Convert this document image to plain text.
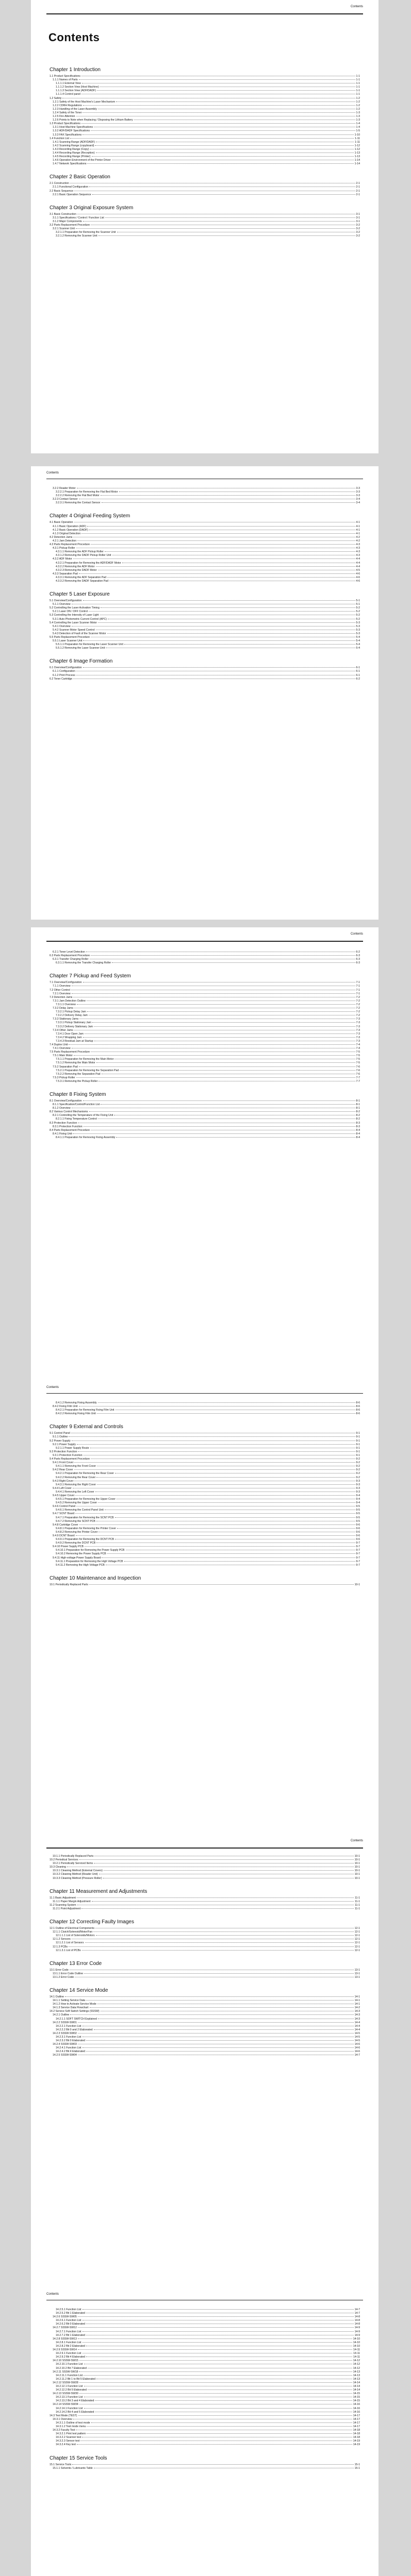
Contents
Contents
Chapter 1 Introduction
1.1 Product Specifications	1-1
1.1.1 Names of Parts	1-1
1.1.1.1 External View	1-1
1.1.1.2 Section View (Host Machine)	1-1
1.1.1.3 Section View (ADF/DADF)	1-1
1.1.1.4 Control panel	1-1
1.2 Safety	1-2
1.2.1 Safety of the Host Machine's Laser Mechanism	1-2
1.2.2 CDRH Regulations	1-2
1.2.3 Handling of the Laser Assembly	1-2
1.2.4 Safety of the Toner	1-3
1.2.5 Fire Attention	1-3
1.2.6 Points to Note when Replacing / Disposing the Lithium Battery	1-3
1.3 Product Specifications	1-4
1.3.1 Host Machine Specifications	1-4
1.3.2 ADF/DADF Specifications	1-5
1.3.3 FAX Specifications	1-10
1.4 Function List	1-11
1.4.1 Scanning Range (ADF/DADF)	1-11
1.4.2 Scanning Range (copyboard)	1-12
1.4.3 Recording Range (Copy)	1-12
1.4.4 Recording Range (Reception)	1-13
1.4.5 Recording Range (Printer)	1-13
1.4.6 Operation Environment of the Printer Driver	1-14
1.4.7 Network Specifications	1-14
Chapter 2 Basic Operation
2.1 Construction	2-1
2.1.1 Functional Configuration	2-1
2.2 Basic Sequence	2-1
2.2.1 Basic Operation Sequence	2-1
Chapter 3 Original Exposure System
3.1 Basic Construction	3-1
3.1.1 Specifications / Control / Function List	3-1
3.1.2 Major Components	3-1
3.2 Parts Replacement Procedure	3-2
3.2.1 Scanner Unit	3-2
3.2.1.1 Preparation for Removing the Scanner Unit	3-2
3.2.1.2 Removing the Scanner Unit	3-2
Contents
3.2.2 Reader Motor	3-3
3.2.2.1 Preparation for Removing the Flat Bed Motor	3-3
3.2.2.2 Removing the Flat Bed Motor	3-3
3.2.3 Contact Sensor	3-4
3.2.3.1 Removing the Contact Sensor	3-4
Chapter 4 Original Feeding System
4.1 Basic Operation	4-1
4.1.1 Basic Operation (ADF)	4-1
4.1.2 Basic Operation (DADF)	4-1
4.1.3 Original Detection	4-1
4.2 Detection Jams	4-2
4.2.1 Jam Detection	4-2
4.3 Parts Replacement Procedure	4-3
4.3.1 Pickup Roller	4-3
4.3.1.1 Removing the ADF Pickup Roller	4-3
4.3.1.2 Removing the DADF Pickup Roller Unit	4-3
4.3.2 ADF Motor	4-4
4.3.2.1 Preparation for Removing the ADF/DADF Motor	4-4
4.3.2.2 Removing the ADF Motor	4-4
4.3.2.3 Removing the DADF Motor	4-5
4.3.3 Separation Pad	4-6
4.3.3.1 Removing the ADF Separation Pad	4-6
4.3.3.2 Removing the DADF Separation Pad	4-6
Chapter 5 Laser Exposure
5.1 Overview/Configuration	5-1
5.1.1 Overview	5-1
5.2 Controlling the Laser Activation Timing	5-2
5.2.1 Laser ON / OFF Control	5-2
5.3 Controlling the Intensity of Laser Light	5-2
5.3.1 Auto Photometric Current Control (APC)	5-2
5.4 Controlling the Laser Scanner Motor	5-3
5.4.1 Overview	5-3
5.4.2 Scanner Motor Speed Control	5-3
5.4.3 Detection of Fault of the Scanner Motor	5-3
5.5 Parts Replacement Procedure	5-4
5.5.1 Laser Scanner Unit	5-4
5.5.1.1 Preparation for Removing the Laser Scanner Unit	5-4
5.5.1.2 Removing the Laser Scanner Unit	5-4
Chapter 6 Image Formation
6.1 Overview/Configuration	6-1
6.1.1 Configuration	6-1
6.1.2 Print Process	6-1
6.2 Toner Cartridge	6-2
Contents
6.2.1 Toner Level Detection	6-2
6.3 Parts Replacement Procedure	6-3
6.3.1 Transfer Charging Roller	6-3
6.3.1.1 Removing the Transfer Charging Roller	6-3
Chapter 7 Pickup and Feed System
7.1 Overview/Configuration	7-1
7.1.1 Overview	7-1
7.2 Other Control	7-1
7.2.1 Overview	7-1
7.3 Detection Jams	7-2
7.3.1 Jam Detection Outline	7-2
7.3.1.1 Overview	7-2
7.3.2 Delay Jams	7-2
7.3.2.1 Pickup Delay Jam	7-2
7.3.2.2 Delivery Delay Jam	7-2
7.3.3 Stationary Jams	7-3
7.3.3.1 Pickup Stationary Jam	7-3
7.3.3.2 Delivery Stationary Jam	7-3
7.3.4 Other Jams	7-3
7.3.4.1 Door Open Jam	7-3
7.3.4.2 Wrapping Jam	7-3
7.3.4.3 Residual Jam at Startup	7-3
7.4 Duplex Unit	7-4
7.4.1 Overview	7-4
7.5 Parts Replacement Procedure	7-5
7.5.1 Main Motor	7-5
7.5.1.1 Preparation for Removing the Main Motor	7-5
7.5.1.2 Removing the Main Motor	7-5
7.5.2 Separation Pad	7-6
7.5.2.1 Preparation for Removing the Separation Pad	7-6
7.5.2.2 Removing the Separation Pad	7-6
7.5.3 Pickup Roller	7-7
7.5.3.1 Removing the Pickup Roller	7-7
Chapter 8 Fixing System
8.1 Overview/Configuration	8-1
8.1.1 Specification/Control/Function List	8-1
8.1.2 Overview	8-1
8.2 Various Control Mechanisms	8-2
8.2.1 Controlling the Temperature of the Fixing Unit	8-2
8.2.1.1 Fixing Temperature Control	8-2
8.3 Protection Function	8-3
8.3.1 Protection Function	8-3
8.4 Parts Replacement Procedure	8-4
8.4.1 Fixing Unit	8-4
8.4.1.1 Preparation for Removing Fixing Assembly	8-4
Contents
8.4.1.2 Removing Fixing Assembly	8-6
8.4.2 Fixing Film Unit	8-6
8.4.2.1 Preparation for Removing Fixing Film Unit	8-6
8.4.2.2 Removing Fixing Film Unit	8-6
Chapter 9 External and Controls
9.1 Control Panel	9-1
9.1.1 Outline	9-1
9.2 Power Supply	9-1
9.2.1 Power Supply	9-1
9.2.1.1 Power Supply Route	9-1
9.3 Protection Function	9-1
9.3.1 Protection Function	9-1
9.4 Parts Replacement Procedure	9-2
9.4.1 Front Cover	9-2
9.4.1.1 Removing the Front Cover	9-2
9.4.2 Rear Cover	9-2
9.4.2.1 Preparation for Removing the Rear Cover	9-2
9.4.2.2 Removing the Rear Cover	9-2
9.4.3 Right Cover	9-3
9.4.3.1 Removing the Right Cover	9-3
9.4.4 Left Cover	9-3
9.4.4.1 Removing the Left Cover	9-3
9.4.5 Upper Cover	9-4
9.4.5.1 Preparation for Removing the Upper Cover	9-4
9.4.5.2 Removing the Upper Cover	9-4
9.4.6 Control Panel	9-5
9.4.6.1 Removing the Control Panel Unit	9-5
9.4.7 SCNT Board	9-5
9.4.7.1 Preparation for Removing the SCNT PCB	9-5
9.4.7.2 Removing the SCNT PCB	9-5
9.4.8 Cartridge Cover	9-6
9.4.8.1 Preparation for Removing the Printer Cover	9-6
9.4.8.2 Removing the Printer Cover	9-6
9.4.9 DCNT Board	9-6
9.4.9.1 Preparation for Removing the DCNT PCB	9-6
9.4.9.2 Removing the DCNT PCB	9-7
9.4.10 Power Supply PCB	9-7
9.4.10.1 Preparation for Removing the Power Supply PCB	9-7
9.4.10.2 Removing the Power Supply PCB	9-7
9.4.11 High-voltage Power Supply Board	9-7
9.4.11.1 Preparation for Removing the High Voltage PCB	9-7
9.4.11.2 Removing the High Voltage PCB	9-7
Chapter 10 Maintenance and Inspection
10.1 Periodically Replaced Parts	10-1
Contents
10.1.1 Periodically Replaced Parts	10-1
10.2 Periodical Services	10-1
10.2.1 Periodically Serviced Items	10-1
10.3 Cleaning	10-1
10.3.1 Cleaning Method (External Covers)	10-1
10.3.2 Cleaning Method (Reader Unit)	10-1
10.3.3 Cleaning Method (Pressure Roller)	10-1
Chapter 11 Measurement and Adjustments
11.1 Basic Adjustment	11-1
11.1.1 Paper Margin Adjustment	11-1
11.2 Scanning System	11-1
11.2.1 Point Adjustment	11-1
Chapter 12 Correcting Faulty Images
12.1 Outline of Electrical Components	12-1
12.1.1 Clutch/Solenoid/Motor/Fan	12-1
12.1.1.1 List of Solenoids/Motors	12-1
12.1.2 Sensors	12-1
12.1.2.1 List of Sensors	12-1
12.1.3 PCBs	12-1
12.1.3.1 List of PCBs	12-1
Chapter 13 Error Code
13.1 Error Code	13-1
13.1.1 Error Code Outline	13-1
13.1.2 Error Code	13-1
Chapter 14 Service Mode
14.1 Outline	14-1
14.1.1 Setting Service Data	14-1
14.1.2 How to Activate Service Mode	14-1
14.1.3 Service Data Flowchart	14-2
14.2 Service Soft Switch Settings (SSSW)	14-3
14.2.1 Outline	14-3
14.2.1.1 SOFT SWITCH Explained	14-3
14.2.2 SSSW-SW01	14-4
14.2.2.1 Function List	14-4
14.2.2.2 Bit 0 and 2 Elaborated	14-4
14.2.3 SSSW-SW02	14-5
14.2.3.1 Function List	14-5
14.2.3.2 Bit 0 Elaborated	14-5
14.2.4 SSSW-SW03	14-6
14.2.4.1 Function List	14-6
14.2.4.2 Bit 4 Elaborated	14-6
14.2.5 SSSW-SW04	14-7
Contents
14.2.5.1 Function List	14-7
14.2.5.2 Bit 1 Elaborated	14-7
14.2.6 SSSW-SW05	14-8
14.2.6.1 Function List	14-8
14.2.6.2 Bit 0 Elaborated	14-8
14.2.7 SSSW-SW12	14-9
14.2.7.1 Function List	14-9
14.2.7.2 Bit 1 Elaborated	14-9
14.2.8 SSSW-SW13	14-10
14.2.8.1 Function List	14-10
14.2.8.2 Bit 2 Elaborated	14-10
14.2.9 SSSW-SW14	14-11
14.2.9.1 Function List	14-11
14.2.9.2 Bit 4 Elaborated	14-11
14.2.10 SSSW-SW15	14-12
14.2.10.1 Function List	14-12
14.2.10.2 Bit 7 Elaborated	14-12
14.2.11 SSSW-SW18	14-13
14.2.11.1 Function List	14-13
14.2.11.2 Bit 1 to Bit 5 Elaborated	14-13
14.2.12 SSSW-SW28	14-14
14.2.12.1 Function List	14-14
14.2.12.2 Bit 5 Elaborated	14-14
14.2.13 SSSW-SW30	14-15
14.2.13.1 Function List	14-15
14.2.13.2 Bit 3 and 4 Elaborated	14-15
14.2.14 SSSW-SW34	14-16
14.2.14.1 Function List	14-16
14.2.14.2 Bit 4 and 5 Elaborated	14-16
14.3 Test Mode (TEST)	14-17
14.3.1 Overview	14-17
14.3.1.1 Outline of test mode	14-17
14.3.1.2 Test mode menu	14-17
14.3.2 Faculty Test	14-18
14.3.2.1 Print test pattern	14-18
14.3.2.2 Scanner test	14-18
14.3.2.3 Sensor test	14-19
14.3.2.4 Key test	14-19
Chapter 15 Service Tools
15.1 Service Tools	15-1
15.1.1 Solvents / Lubricants Table	15-1
